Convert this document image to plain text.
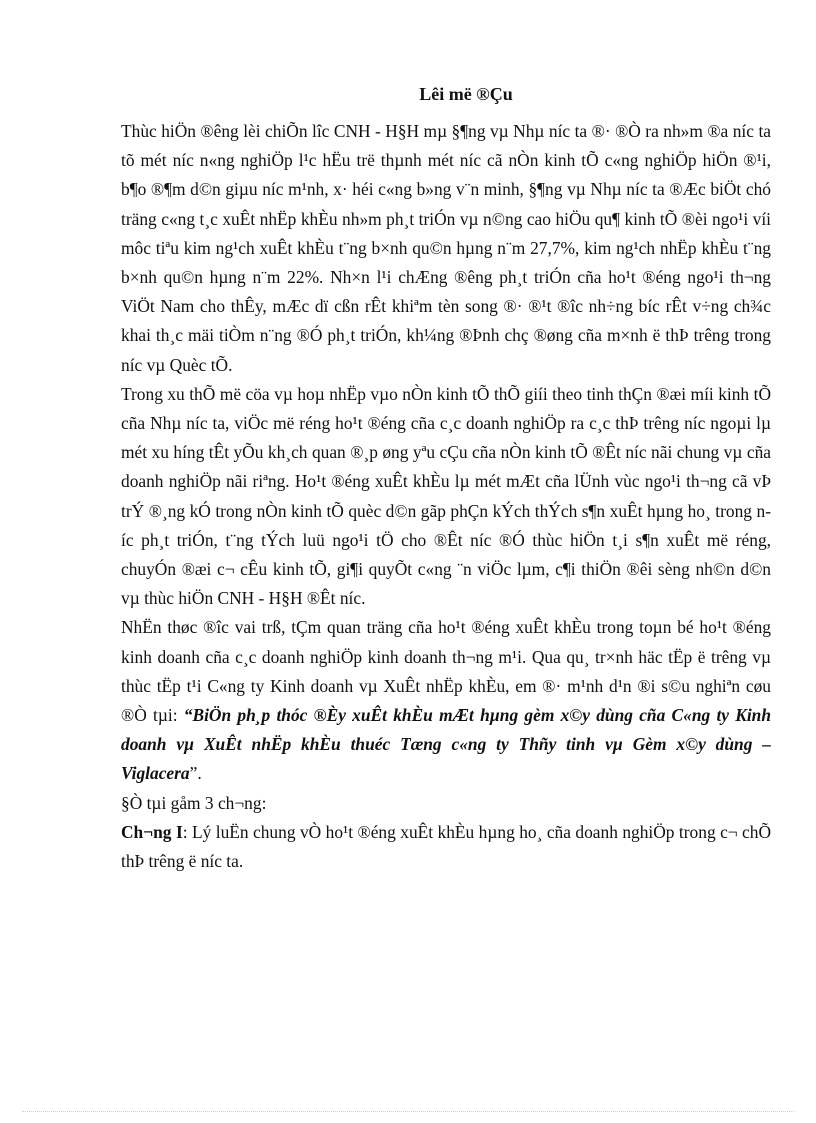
Lêi më ®Çu

Thùc hiÖn ®êng lèi chiÕn lîc CNH - H§H mµ §¶ng vµ Nhµ níc ta ®· ®Ò ra nh»m ®a níc ta tõ mét níc n«ng nghiÖp l¹c hËu trë thµnh mét níc cã nÒn kinh tÕ c«ng nghiÖp hiÖn ®¹i, b¶o ®¶m d©n giµu níc m¹nh, x· héi c«ng b»ng v¨n minh, §¶ng vµ Nhµ níc ta ®Æc biÖt chó träng c«ng t¸c xuÊt nhËp khÈu nh»m ph¸t triÓn vµ n©ng cao hiÖu qu¶ kinh tÕ ®èi ngo¹i víi môc tiªu kim ng¹ch xuÊt khÈu t¨ng b×nh qu©n hµng n¨m 27,7%, kim ng¹ch nhËp khÈu t¨ng b×nh qu©n hµng n¨m 22%. Nh×n l¹i chÆng ®êng ph¸t triÓn cña ho¹t ®éng ngo¹i th¬ng ViÖt Nam cho thÊy, mÆc dï cßn rÊt khiªm tèn song ®· ®¹t ®îc nh÷ng bíc rÊt v÷ng ch¾c khai th¸c mäi tiÒm n¨ng ®Ó ph¸t triÓn, kh¼ng ®Þnh chç ®øng cña m×nh ë thÞ trêng trong níc vµ Quèc tÕ.

Trong xu thÕ më cöa vµ hoµ nhËp vµo nÒn kinh tÕ thÕ giíi theo tinh thÇn ®æi míi kinh tÕ cña Nhµ níc ta, viÖc më réng ho¹t ®éng cña c¸c doanh nghiÖp ra c¸c thÞ trêng níc ngoµi lµ mét xu híng tÊt yÕu kh¸ch quan ®¸p øng yªu cÇu cña nÒn kinh tÕ ®Êt níc nãi chung vµ cña doanh nghiÖp nãi riªng. Ho¹t ®éng xuÊt khÈu lµ mét mÆt cña lÜnh vùc ngo¹i th¬ng cã vÞ trÝ ®¸ng kÓ trong nÒn kinh tÕ quèc d©n gãp phÇn kÝch thÝch s¶n xuÊt hµng ho¸ trong níc ph¸t triÓn, t¨ng tÝch luü ngo¹i tÖ cho ®Êt níc ®Ó thùc hiÖn t¸i s¶n xuÊt më réng, chuyÓn ®æi c¬ cÊu kinh tÕ, gi¶i quyÕt c«ng ¨n viÖc lµm, c¶i thiÖn ®êi sèng nh©n d©n vµ thùc hiÖn CNH - H§H ®Êt níc.

NhËn thøc ®îc vai trß, tÇm quan träng cña ho¹t ®éng xuÊt khÈu trong toµn bé ho¹t ®éng kinh doanh cña c¸c doanh nghiÖp kinh doanh th¬ng m¹i. Qua qu¸ tr×nh häc tËp ë trêng vµ thùc tËp t¹i C«ng ty Kinh doanh vµ XuÊt nhËp khÈu, em ®· m¹nh d¹n ®i s©u nghiªn cøu ®Ò tµi: “BiÖn ph¸p thóc ®Èy xuÊt khÈu mÆt hµng gèm x©y dùng cña C«ng ty Kinh doanh vµ XuÊt nhËp khÈu thuéc Tæng c«ng ty Thñy tinh vµ Gèm x©y dùng – Viglacera”.

§Ò tµi gåm 3 ch¬ng:

Ch¬ng I: Lý luËn chung vÒ ho¹t ®éng xuÊt khÈu hµng ho¸ cña doanh nghiÖp trong c¬ chÕ thÞ trêng ë níc ta.
